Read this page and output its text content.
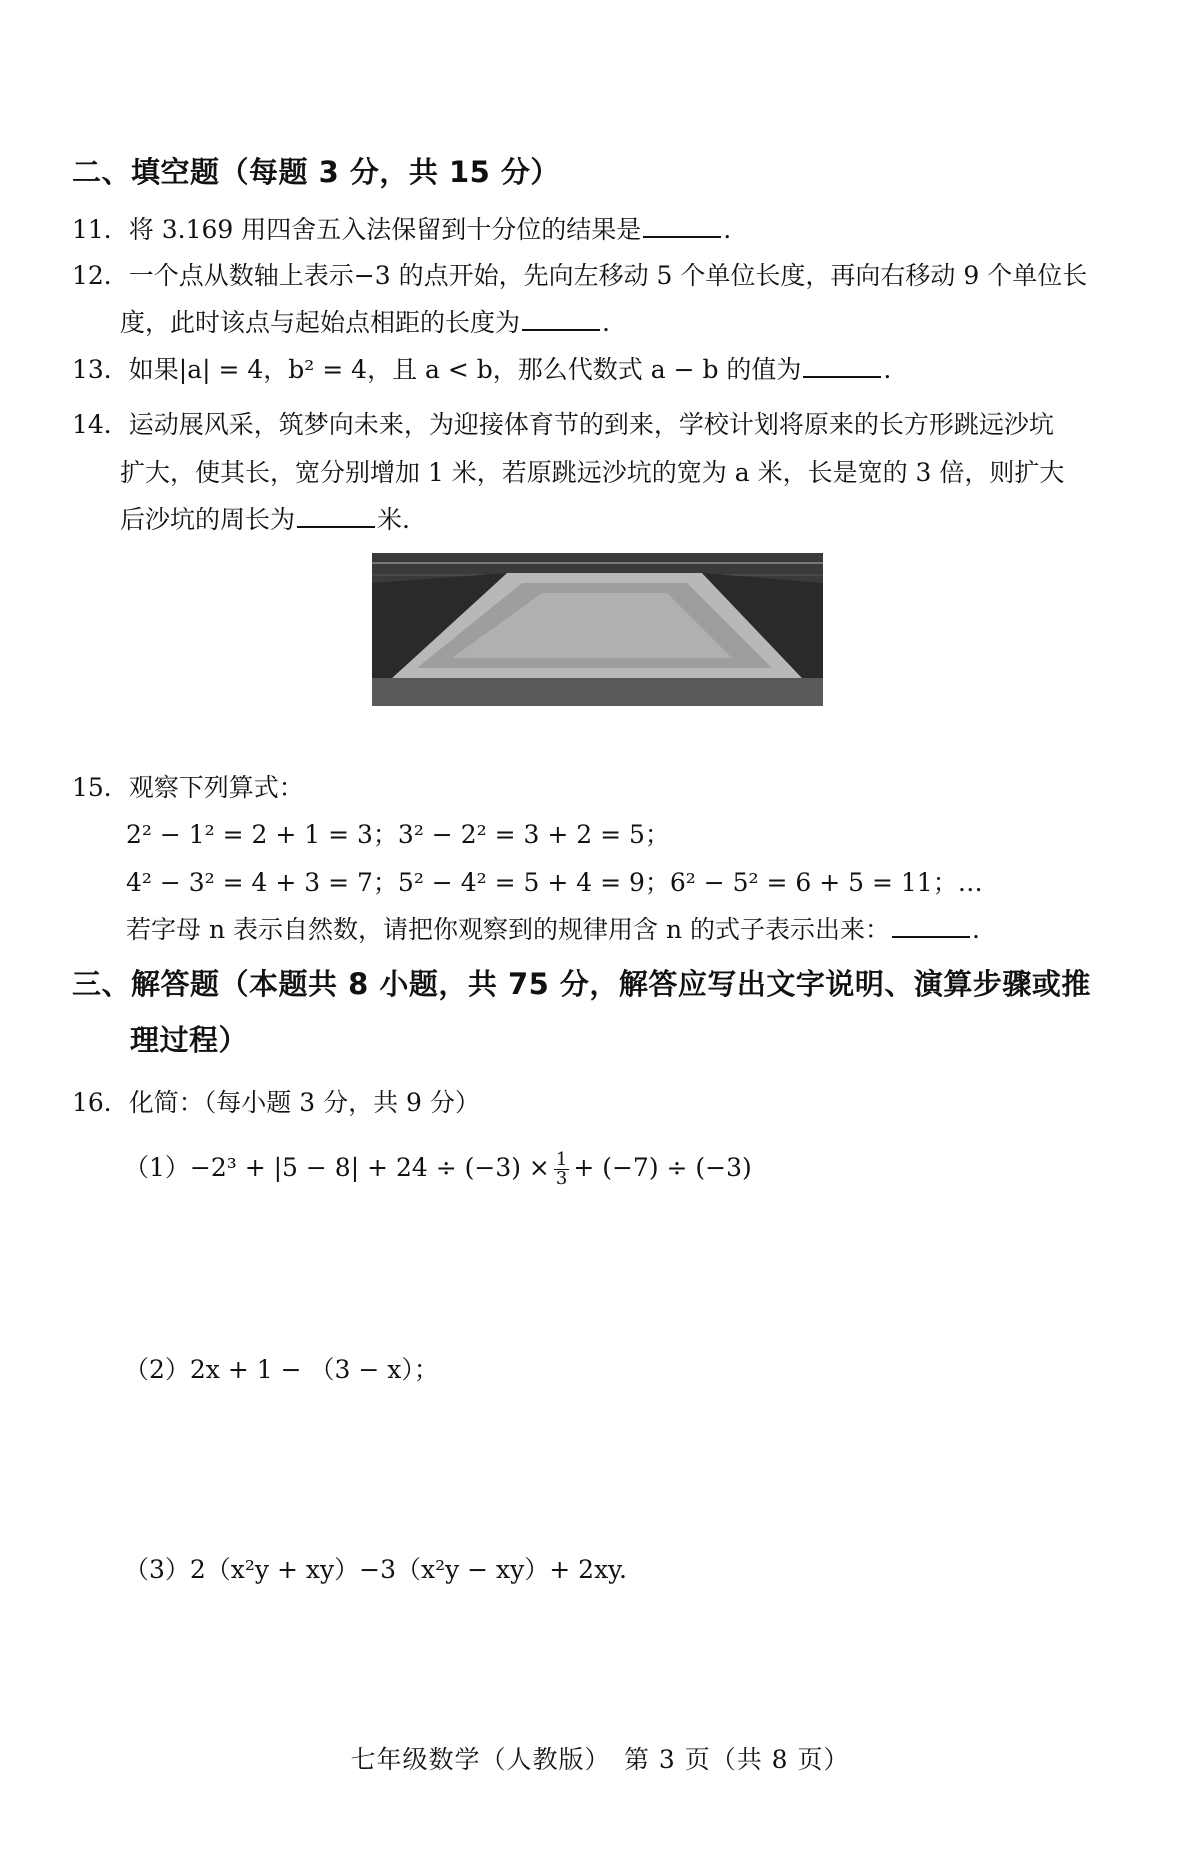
二、填空题（每题 3 分，共 15 分）
11．将 3.169 用四舍五入法保留到十分位的结果是	.
12．一个点从数轴上表示−3 的点开始，先向左移动 5 个单位长度，再向右移动 9 个单位长
度，此时该点与起始点相距的长度为	.
13．如果|a| = 4，b² = 4，且 a < b，那么代数式 a − b 的值为	.
14．运动展风采，筑梦向未来，为迎接体育节的到来，学校计划将原来的长方形跳远沙坑
扩大，使其长，宽分别增加 1 米，若原跳远沙坑的宽为 a 米，长是宽的 3 倍，则扩大
后沙坑的周长为	米.
15．观察下列算式：
2² − 1² = 2 + 1 = 3；3² − 2² = 3 + 2 = 5；
4² − 3² = 4 + 3 = 7；5² − 4² = 5 + 4 = 9；6² − 5² = 6 + 5 = 11；…
若字母 n 表示自然数，请把你观察到的规律用含 n 的式子表示出来：	.
三、解答题（本题共 8 小题，共 75 分，解答应写出文字说明、演算步骤或推
理过程）
16．化简：（每小题 3 分，共 9 分）
$(1)-2^3 + |5 - 8| + 24 \div (-3) \times \frac{1}{3} + (-7) \div (-3)$
（2）2x + 1 − （3 − x）；
（3）2（x²y + xy）−3（x²y − xy）+ 2xy.
七年级数学（人教版）　第 3 页（共 8 页）
